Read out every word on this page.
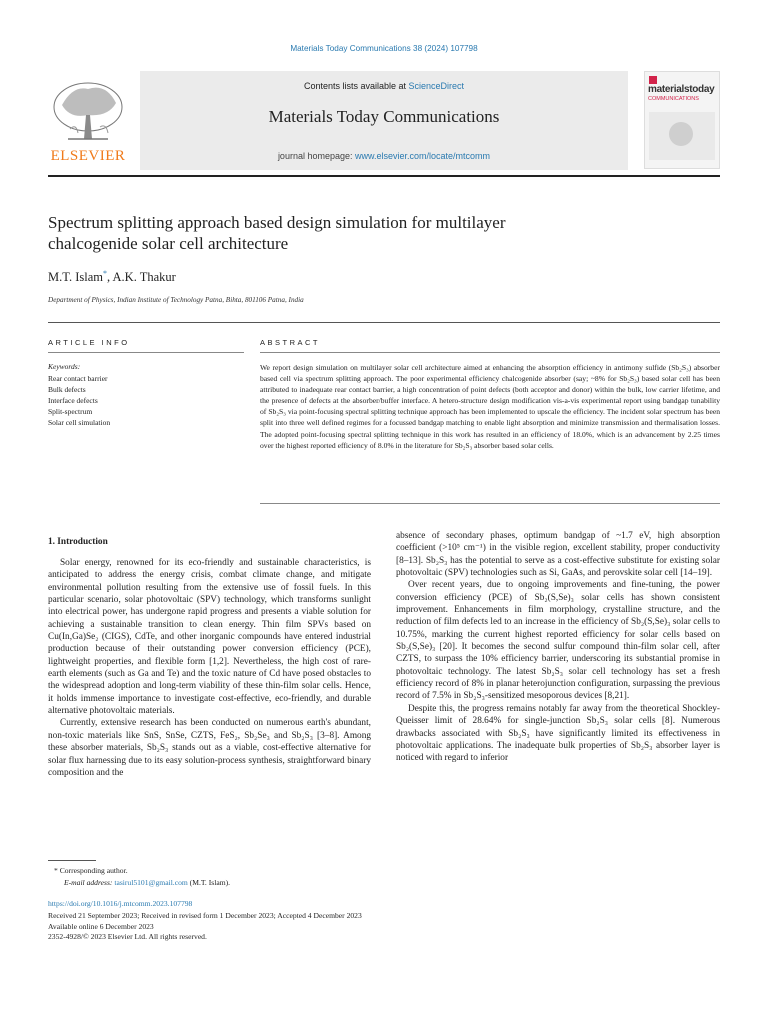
Materials Today Communications 38 (2024) 107798
Contents lists available at ScienceDirect
Materials Today Communications
journal homepage: www.elsevier.com/locate/mtcomm
ELSEVIER
materialstoday
COMMUNICATIONS
Spectrum splitting approach based design simulation for multilayer
chalcogenide solar cell architecture
M.T. Islam*, A.K. Thakur
Department of Physics, Indian Institute of Technology Patna, Bihta, 801106 Patna, India
ARTICLE INFO	ABSTRACT
Keywords:
Rear contact barrier
Bulk defects
Interface defects
Split-spectrum
Solar cell simulation
We report design simulation on multilayer solar cell architecture aimed at enhancing the absorption efficiency in antimony sulfide (Sb₂S₃) absorber based cell via spectrum splitting approach. The poor experimental efficiency chalcogenide absorber (say; ~8% for Sb₂S₃) based solar cell has been attributed to inadequate rear contact barrier, a high concentration of point defects (both acceptor and donor) within the bulk, low carrier lifetime, and the presence of defects at the absorber/buffer interface. A hetero-structure design modification vis-a-vis experimental report using bandgap tunability of Sb₂S₃ via point-focusing spectral splitting technique approach has been implemented to upscale the efficiency. The incident solar spectrum has been split into three well defined regimes for a focussed bandgap matching to enable light absorption and minimize transmission and thermalisation losses. The adopted point-focusing spectral splitting technique in this work has resulted in an efficiency of 18.0%, which is an advancement by 2.25 times over the highest reported efficiency of 8.0% in the literature for Sb₂S₃ absorber based solar cells.
1. Introduction

Solar energy, renowned for its eco-friendly and sustainable characteristics, is anticipated to address the energy crisis, combat climate change, and mitigate environmental pollution resulting from the extensive use of fossil fuels. In this particular scenario, solar photovoltaic (SPV) technology, which transforms sunlight into electrical power, has undergone rapid progress and presents a viable solution for achieving a sustainable transition to clean energy. Thin film SPVs based on Cu(In,Ga)Se₂ (CIGS), CdTe, and other inorganic compounds have entered industrial production because of their outstanding power conversion efficiency (PCE), lightweight properties, and flexible form [1,2]. Nevertheless, the high cost of rare-earth elements (such as Ga and Te) and the toxic nature of Cd have posed obstacles to the widespread adoption and long-term viability of these thin-film solar cells. Hence, it holds immense importance to investigate cost-effective, eco-friendly, and durable alternative photovoltaic materials.

Currently, extensive research has been conducted on numerous earth's abundant, non-toxic materials like SnS, SnSe, CZTS, FeS₂, Sb₂Se₃ and Sb₂S₃ [3–8]. Among these absorber materials, Sb₂S₃ stands out as a viable, cost-effective alternative for solar flux harnessing due to its easy solution-process synthesis, straightforward binary composition and the

absence of secondary phases, optimum bandgap of ~1.7 eV, high absorption coefficient (>10⁵ cm⁻¹) in the visible region, excellent stability, proper conductivity [8–13]. Sb₂S₃ has the potential to serve as a cost-effective substitute for existing solar photovoltaic (SPV) technologies such as Si, GaAs, and perovskite solar cell [14–19].

Over recent years, due to ongoing improvements and fine-tuning, the power conversion efficiency (PCE) of Sb₂(S,Se)₃ solar cells has shown consistent improvement. Enhancements in film morphology, crystalline structure, and the reduction of film defects led to an increase in the efficiency of Sb₂(S,Se)₃ solar cells to 10.75%, marking the current highest reported efficiency for solar cells based on Sb₂(S,Se)₃ [20]. It becomes the second sulfur compound thin-film solar cell, after CZTS, to surpass the 10% efficiency barrier, underscoring its substantial promise in photovoltaic technology. The latest Sb₂S₃ solar cell technology has set a fresh efficiency record of 8% in planar heterojunction configuration, surpassing the previous record of 7.5% in Sb₂S₃-sensitized mesoporous devices [8,21].

Despite this, the progress remains notably far away from the theoretical Shockley-Queisser limit of 28.64% for single-junction Sb₂S₃ solar cells [8]. Numerous drawbacks associated with Sb₂S₃ have significantly limited its effectiveness in photovoltaic applications. The inadequate bulk properties of Sb₂S₃ absorber layer is noticed with regard to inferior

* Corresponding author.
E-mail address: tasirul5101@gmail.com (M.T. Islam).
https://doi.org/10.1016/j.mtcomm.2023.107798
Received 21 September 2023; Received in revised form 1 December 2023; Accepted 4 December 2023
Available online 6 December 2023
2352-4928/© 2023 Elsevier Ltd. All rights reserved.
